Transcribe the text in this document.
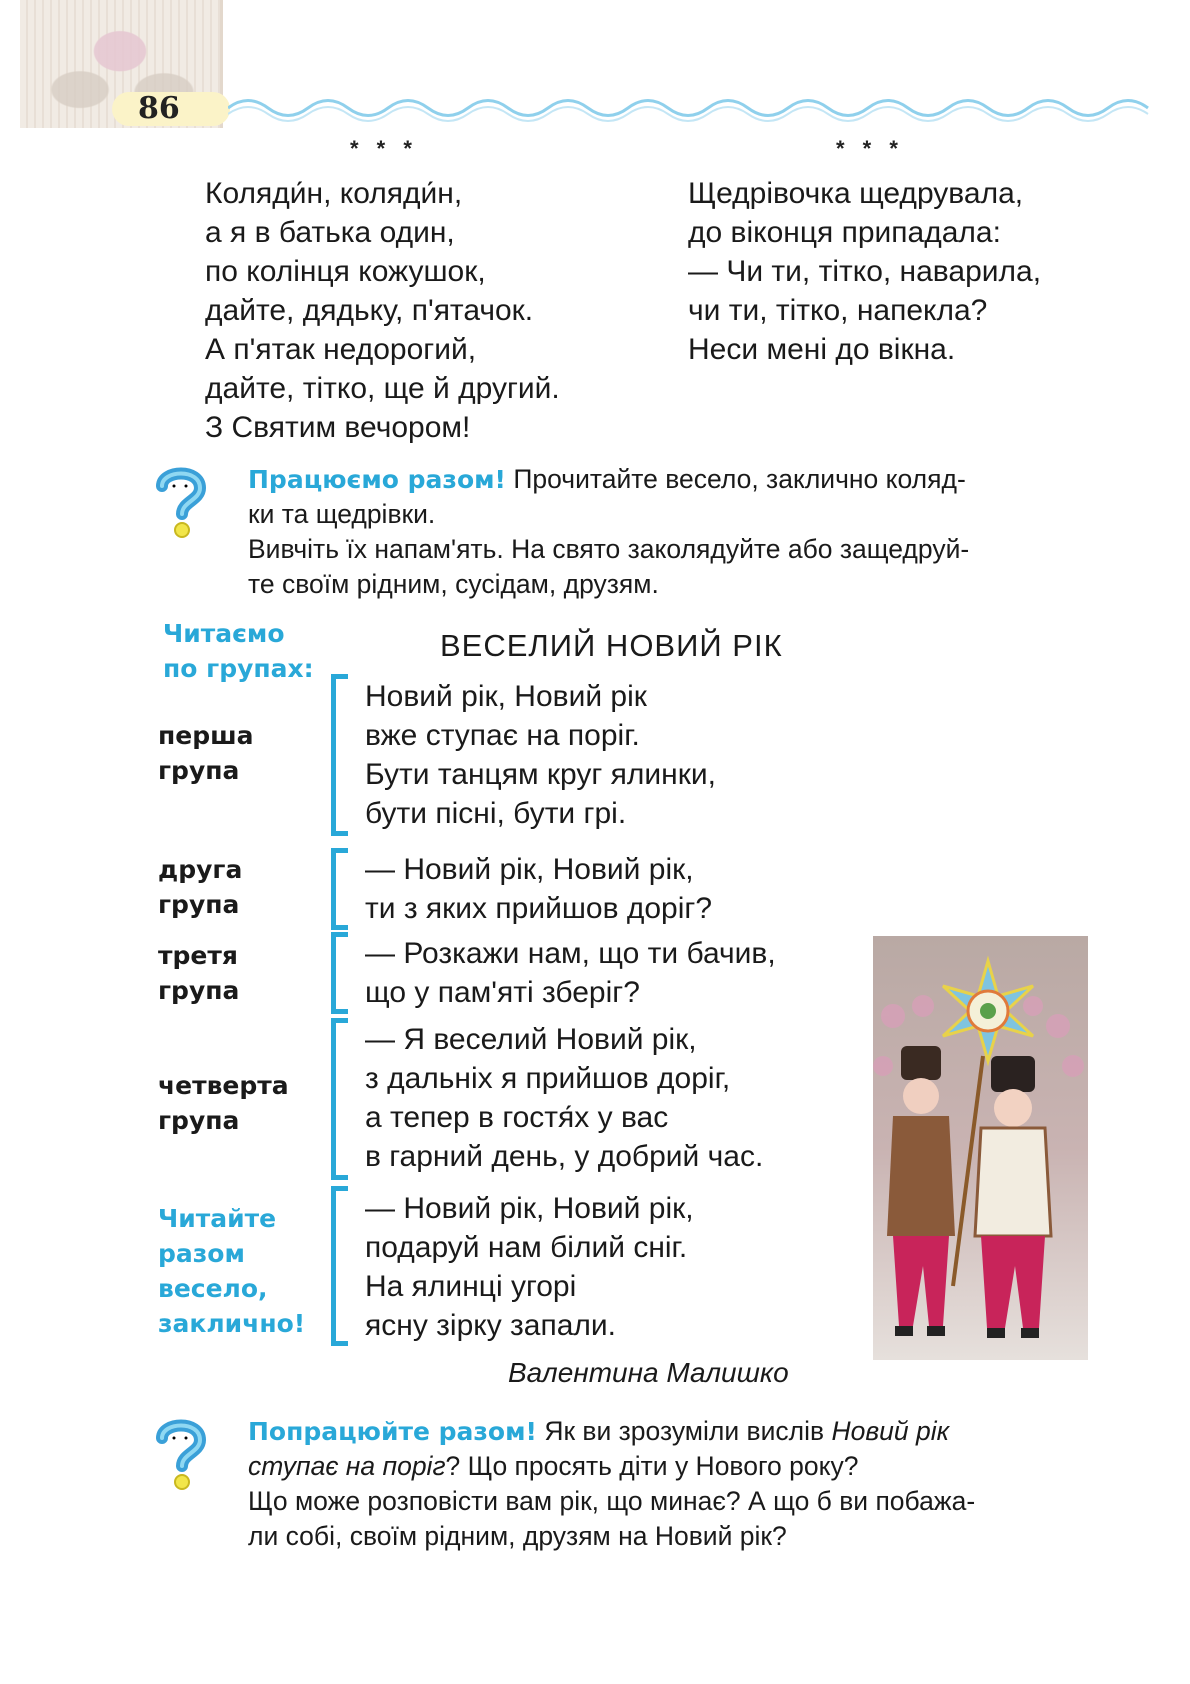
86
* * *
Коляди́н, коляди́н,
а я в батька один,
по колінця кожушок,
дайте, дядьку, п'ятачок.
А п'ятак недорогий,
дайте, тітко, ще й другий.
З Святим вечором!
* * *
Щедрівочка щедрувала,
до віконця припадала:
— Чи ти, тітко, наварила,
чи ти, тітко, напекла?
Неси мені до вікна.
Працюємо разом! Прочитайте весело, заклично коляд-
ки та щедрівки.
Вивчіть їх напам'ять. На свято заколядуйте або защедруй-
те своїм рідним, сусідам, друзям.
Читаємо
по групах:
ВЕСЕЛИЙ НОВИЙ РІК
перша
група
Новий рік, Новий рік
вже ступає на поріг.
Бути танцям круг ялинки,
бути пісні, бути грі.
друга
група
— Новий рік, Новий рік,
ти з яких прийшов доріг?
третя
група
— Розкажи нам, що ти бачив,
що у пам'яті зберіг?
четверта
група
— Я веселий Новий рік,
з дальніх я прийшов доріг,
а тепер в гостя́х у вас
в гарний день, у добрий час.
Читайте
разом
весело,
заклично!
— Новий рік, Новий рік,
подаруй нам білий сніг.
На ялинці угорі
ясну зірку запали.
Валентина Малишко
Попрацюйте разом! Як ви зрозуміли вислів Новий рік
ступає на поріг? Що просять діти у Нового року?
Що може розповісти вам рік, що минає? А що б ви побажа-
ли собі, своїм рідним, друзям на Новий рік?
